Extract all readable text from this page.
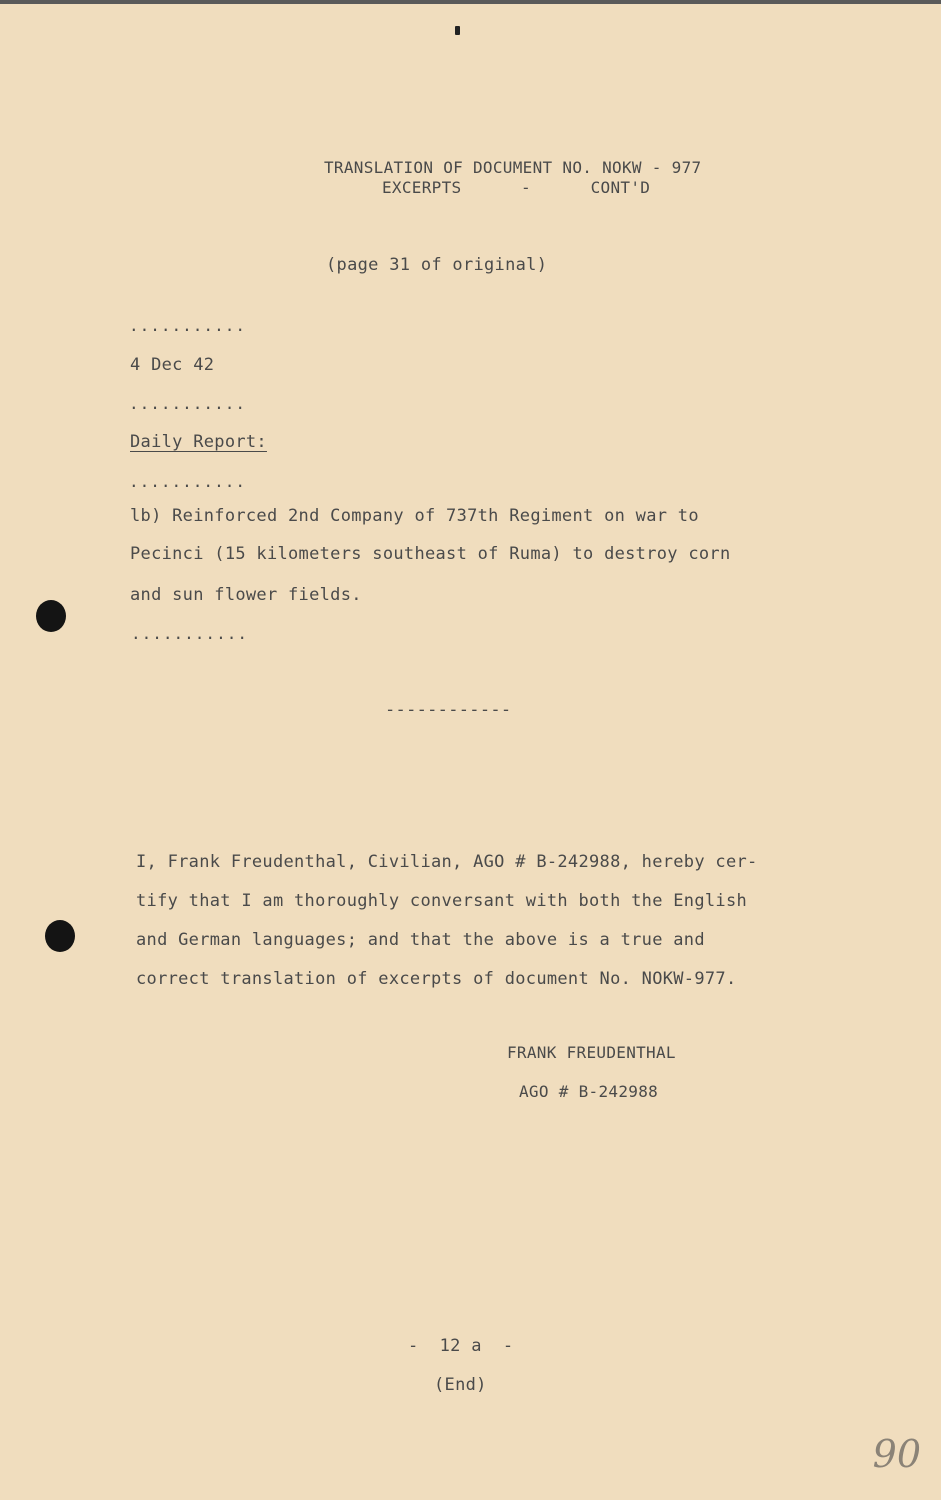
TRANSLATION OF DOCUMENT NO. NOKW - 977
EXCERPTS      -      CONT'D
(page 31 of original)
...........
4 Dec 42
...........
Daily Report:
...........
lb) Reinforced 2nd Company of 737th Regiment on war to
Pecinci (15 kilometers southeast of Ruma) to destroy corn
and sun flower fields.
...........
------------
I, Frank Freudenthal, Civilian, AGO # B-242988, hereby cer-
tify that I am thoroughly conversant with both the English
and German languages; and that the above is a true and
correct translation of excerpts of document No. NOKW-977.
FRANK FREUDENTHAL
AGO # B-242988
-  12 a  -
(End)
90
